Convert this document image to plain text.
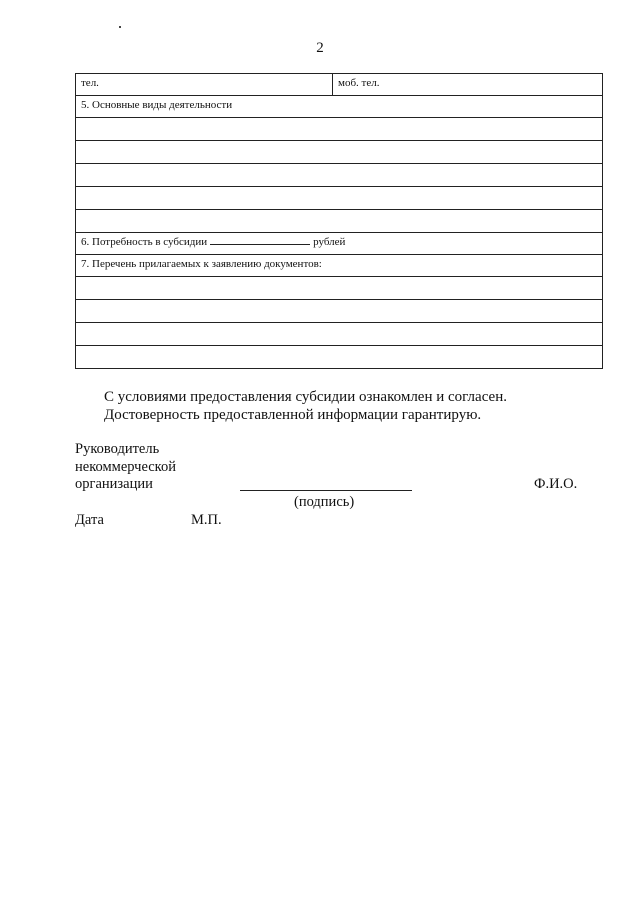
2
тел.	моб. тел.
5. Основные виды деятельности

6. Потребность в субсидии	рублей
7. Перечень прилагаемых к заявлению документов:

С условиями предоставления субсидии ознакомлен и согласен.
Достоверность предоставленной информации гарантирую.
Руководитель
некоммерческой
организации
(подпись)
Ф.И.О.
Дата	М.П.
